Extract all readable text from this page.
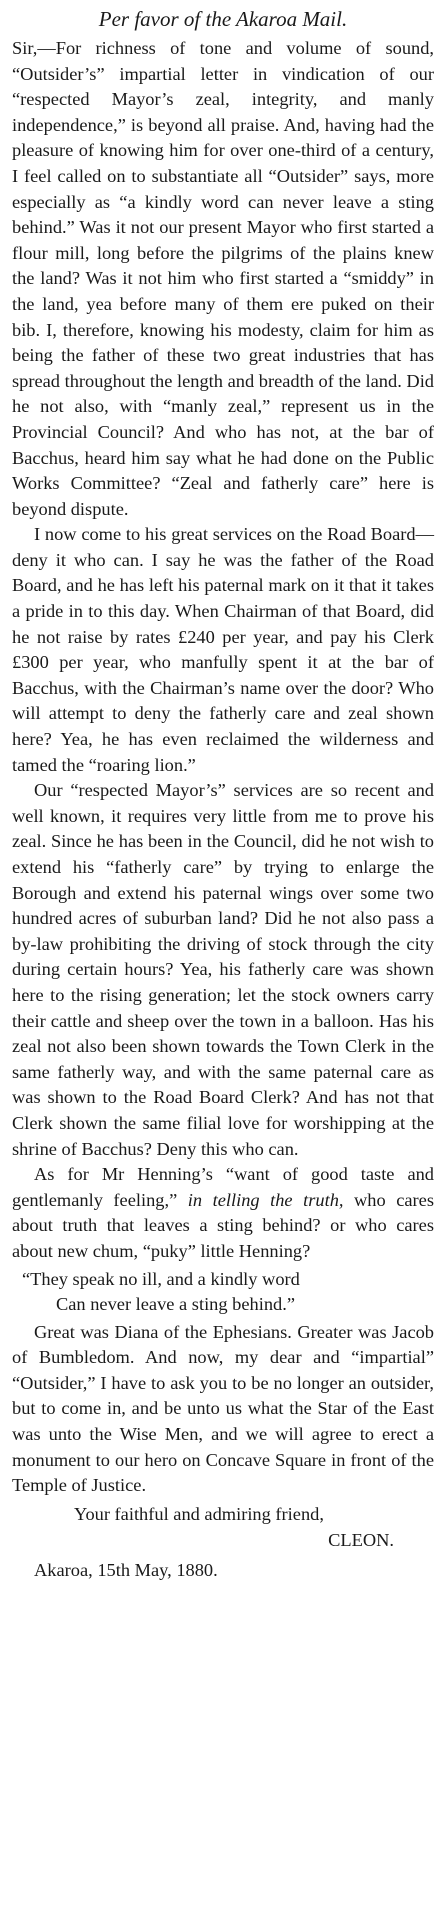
Per favor of the Akaroa Mail.

Sir,—For richness of tone and volume of sound, “Outsider’s” impartial letter in vindication of our “respected Mayor’s zeal, integrity, and manly independence,” is beyond all praise. And, having had the pleasure of knowing him for over one-third of a century, I feel called on to substantiate all “Outsider” says, more especially as “a kindly word can never leave a sting behind.” Was it not our present Mayor who first started a flour mill, long before the pilgrims of the plains knew the land? Was it not him who first started a “smiddy” in the land, yea before many of them ere puked on their bib. I, therefore, knowing his modesty, claim for him as being the father of these two great industries that has spread throughout the length and breadth of the land. Did he not also, with “manly zeal,” represent us in the Provincial Council? And who has not, at the bar of Bacchus, heard him say what he had done on the Public Works Committee? “Zeal and fatherly care” here is beyond dispute.

I now come to his great services on the Road Board—deny it who can. I say he was the father of the Road Board, and he has left his paternal mark on it that it takes a pride in to this day. When Chairman of that Board, did he not raise by rates £240 per year, and pay his Clerk £300 per year, who manfully spent it at the bar of Bacchus, with the Chairman’s name over the door? Who will attempt to deny the fatherly care and zeal shown here? Yea, he has even reclaimed the wilderness and tamed the “roaring lion.”

Our “respected Mayor’s” services are so recent and well known, it requires very little from me to prove his zeal. Since he has been in the Council, did he not wish to extend his “fatherly care” by trying to enlarge the Borough and extend his paternal wings over some two hundred acres of suburban land? Did he not also pass a by-law prohibiting the driving of stock through the city during certain hours? Yea, his fatherly care was shown here to the rising generation; let the stock owners carry their cattle and sheep over the town in a balloon. Has his zeal not also been shown towards the Town Clerk in the same fatherly way, and with the same paternal care as was shown to the Road Board Clerk? And has not that Clerk shown the same filial love for worshipping at the shrine of Bacchus? Deny this who can.

As for Mr Henning’s “want of good taste and gentlemanly feeling,” in telling the truth, who cares about truth that leaves a sting behind? or who cares about new chum, “puky” little Henning?

“They speak no ill, and a kindly word
Can never leave a sting behind.”

Great was Diana of the Ephesians. Greater was Jacob of Bumbledom. And now, my dear and “impartial” “Outsider,” I have to ask you to be no longer an outsider, but to come in, and be unto us what the Star of the East was unto the Wise Men, and we will agree to erect a monument to our hero on Concave Square in front of the Temple of Justice.

Your faithful and admiring friend,
CLEON.
Akaroa, 15th May, 1880.
